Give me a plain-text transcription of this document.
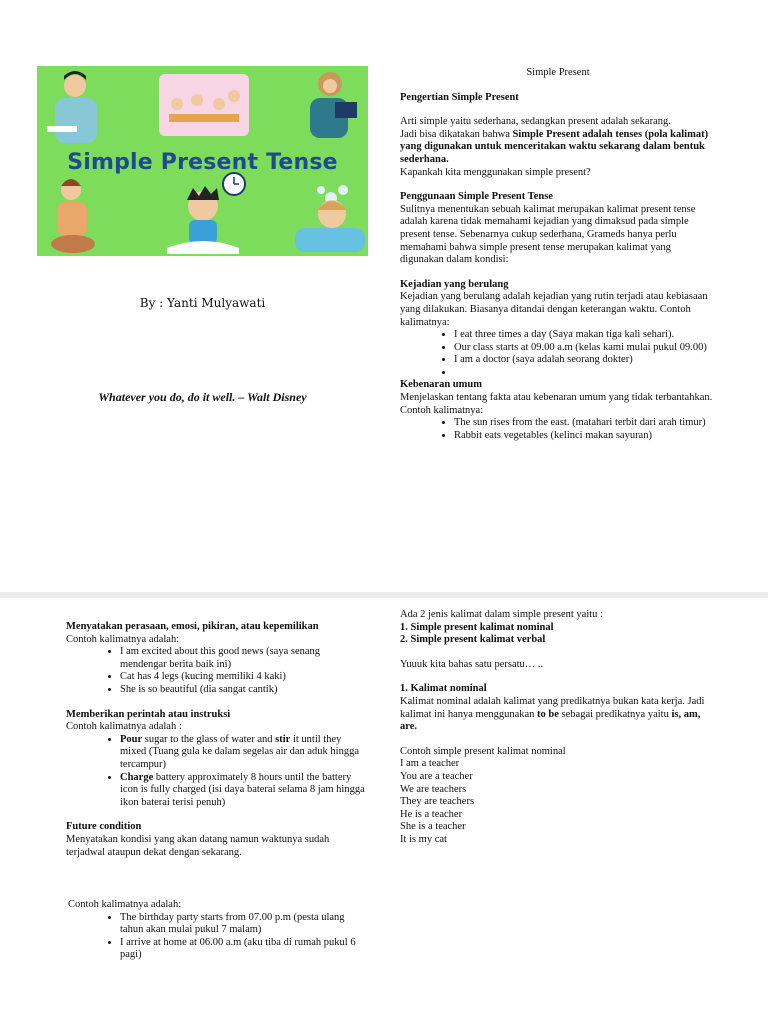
Simple Present Tense
By : Yanti Mulyawati
Whatever you do, do it well. – Walt Disney

Simple Present

Pengertian Simple Present

Arti simple yaitu sederhana, sedangkan present adalah sekarang.

Jadi bisa dikatakan bahwa Simple Present adalah tenses (pola kalimat) yang digunakan untuk menceritakan waktu sekarang dalam bentuk sederhana.

Kapankah kita menggunakan simple present?

Penggunaan Simple Present Tense

Sulitnya menentukan sebuah kalimat merupakan kalimat present tense adalah karena tidak memahami kejadian yang dimaksud pada simple present tense. Sebenarnya cukup sederhana, Grameds hanya perlu memahami bahwa simple present tense merupakan kalimat yang digunakan dalam kondisi:

Kejadian yang berulang

Kejadian yang berulang adalah kejadian yang rutin terjadi atau kebiasaan yang dilakukan. Biasanya ditandai dengan keterangan waktu. Contoh kalimatnya:

• I eat three times a day (Saya makan tiga kali sehari).
• Our class starts at 09.00 a.m (kelas kami mulai pukul 09.00)
• I am a doctor (saya adalah seorang dokter)
•

Kebenaran umum

Menjelaskan tentang fakta atau kebenaran umum yang tidak terbantahkan. Contoh kalimatnya:

• The sun rises from the east. (matahari terbit dari arah timur)
• Rabbit eats vegetables (kelinci makan sayuran)

Menyatakan perasaan, emosi, pikiran, atau kepemilikan

Contoh kalimatnya adalah:

• I am excited about this good news (saya senang mendengar berita baik ini)
• Cat has 4 legs (kucing memiliki 4 kaki)
• She is so beautiful (dia sangat cantik)

Memberikan perintah atau instruksi

Contoh kalimatnya adalah :

• Pour sugar to the glass of water and stir it until they mixed (Tuang gula ke dalam segelas air dan aduk hingga tercampur)
• Charge battery approximately 8 hours until the battery icon is fully charged (isi daya baterai selama 8 jam hingga ikon baterai terisi penuh)

Future condition

Menyatakan kondisi yang akan datang namun waktunya sudah terjadwal ataupun dekat dengan sekarang.

Contoh kalimatnya adalah:

• The birthday party starts from 07.00 p.m (pesta ulang tahun akan mulai pukul 7 malam)
• I arrive at home at 06.00 a.m (aku tiba di rumah pukul 6 pagi)

Ada 2 jenis kalimat dalam simple present yaitu :

1. Simple present kalimat nominal
2. Simple present kalimat verbal

Yuuuk kita bahas satu persatu… ..

1. Kalimat nominal

Kalimat nominal adalah kalimat yang predikatnya bukan kata kerja. Jadi kalimat ini hanya menggunakan to be sebagai predikatnya yaitu is, am, are.

Contoh simple present kalimat nominal

I am a teacher

You are a teacher

We are teachers

They are teachers

He is a teacher

She is a teacher

It is my cat
